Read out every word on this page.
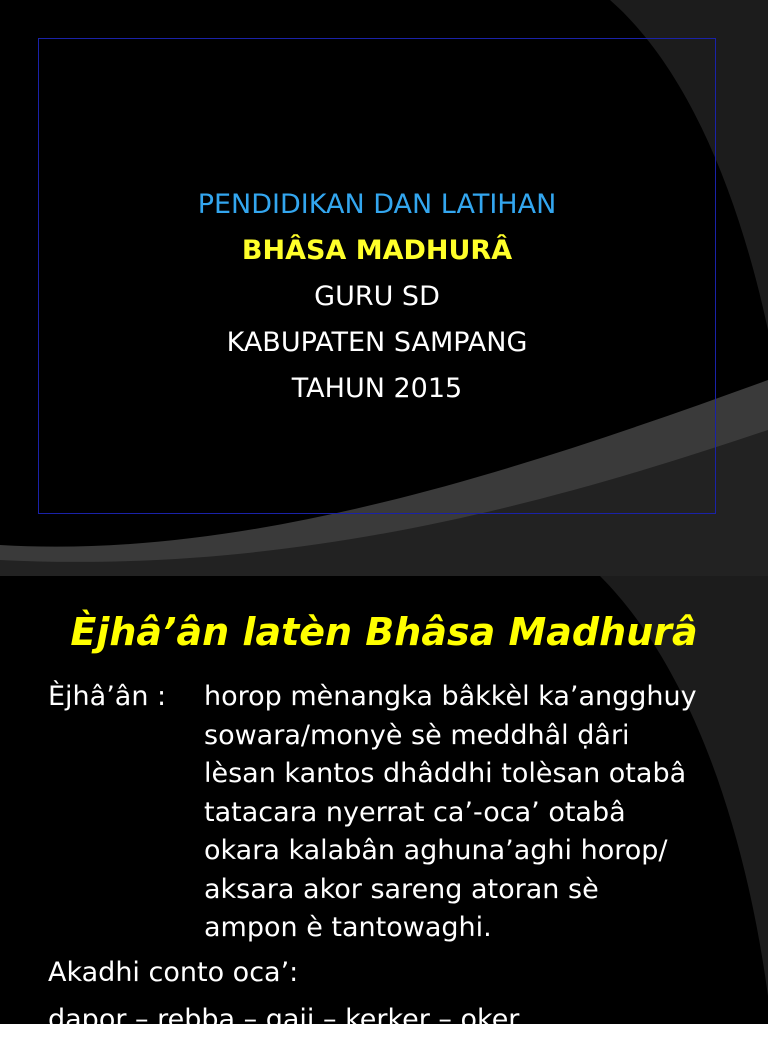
PENDIDIKAN DAN LATIHAN
BHÂSA MADHURÂ
GURU SD
KABUPATEN SAMPANG
TAHUN 2015
Èjhâ’ân latèn Bhâsa Madhurâ
Èjhâ’ân : horop mènangka bâkkèl ka’angghuy
sowara/monyè sè meddhâl ḍâri
lèsan kantos dhâddhi tolèsan otabâ
tatacara nyerrat ca’-oca’ otabâ
okara kalabân aghuna’aghi horop/
aksara akor sareng atoran sè
ampon è tantowaghi.
Akadhi conto oca’:
dapor – rebba – gaji – kerker – oker
